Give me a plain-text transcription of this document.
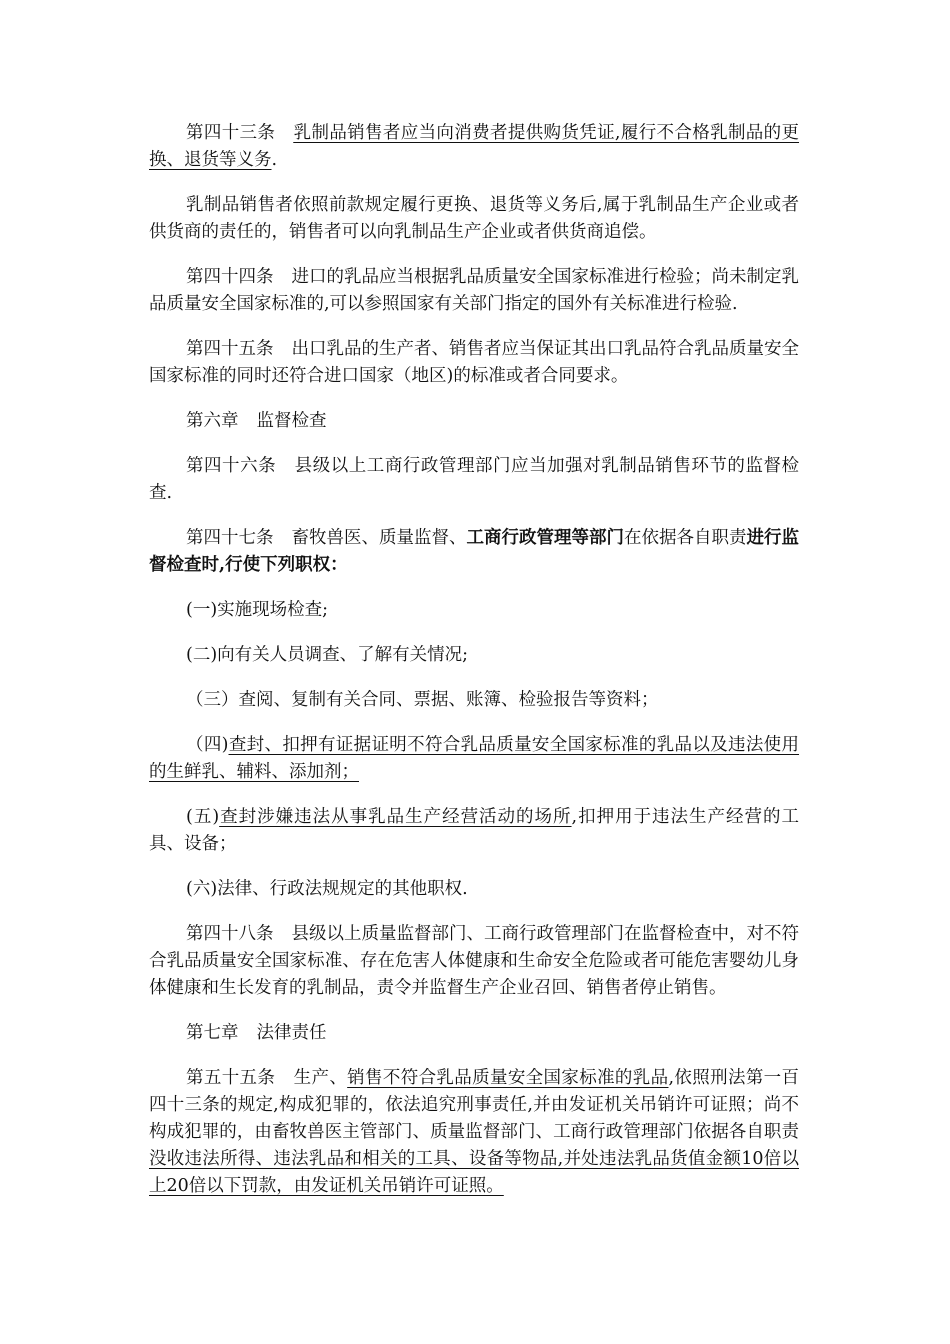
第四十三条 乳制品销售者应当向消费者提供购货凭证,履行不合格乳制品的更换、退货等义务.

乳制品销售者依照前款规定履行更换、退货等义务后,属于乳制品生产企业或者供货商的责任的，销售者可以向乳制品生产企业或者供货商追偿。

第四十四条 进口的乳品应当根据乳品质量安全国家标准进行检验；尚未制定乳品质量安全国家标准的,可以参照国家有关部门指定的国外有关标准进行检验.

第四十五条 出口乳品的生产者、销售者应当保证其出口乳品符合乳品质量安全国家标准的同时还符合进口国家（地区)的标准或者合同要求。

第六章 监督检查

第四十六条 县级以上工商行政管理部门应当加强对乳制品销售环节的监督检查.

第四十七条 畜牧兽医、质量监督、工商行政管理等部门在依据各自职责进行监督检查时,行使下列职权：

(一)实施现场检查;

(二)向有关人员调查、了解有关情况;

（三）查阅、复制有关合同、票据、账簿、检验报告等资料；

（四)查封、扣押有证据证明不符合乳品质量安全国家标准的乳品以及违法使用的生鲜乳、辅料、添加剂；

(五)查封涉嫌违法从事乳品生产经营活动的场所,扣押用于违法生产经营的工具、设备；

(六)法律、行政法规规定的其他职权.

第四十八条 县级以上质量监督部门、工商行政管理部门在监督检查中，对不符合乳品质量安全国家标准、存在危害人体健康和生命安全危险或者可能危害婴幼儿身体健康和生长发育的乳制品，责令并监督生产企业召回、销售者停止销售。

第七章 法律责任

第五十五条 生产、销售不符合乳品质量安全国家标准的乳品,依照刑法第一百四十三条的规定,构成犯罪的，依法追究刑事责任,并由发证机关吊销许可证照；尚不构成犯罪的，由畜牧兽医主管部门、质量监督部门、工商行政管理部门依据各自职责没收违法所得、违法乳品和相关的工具、设备等物品,并处违法乳品货值金额10倍以上20倍以下罚款，由发证机关吊销许可证照。
